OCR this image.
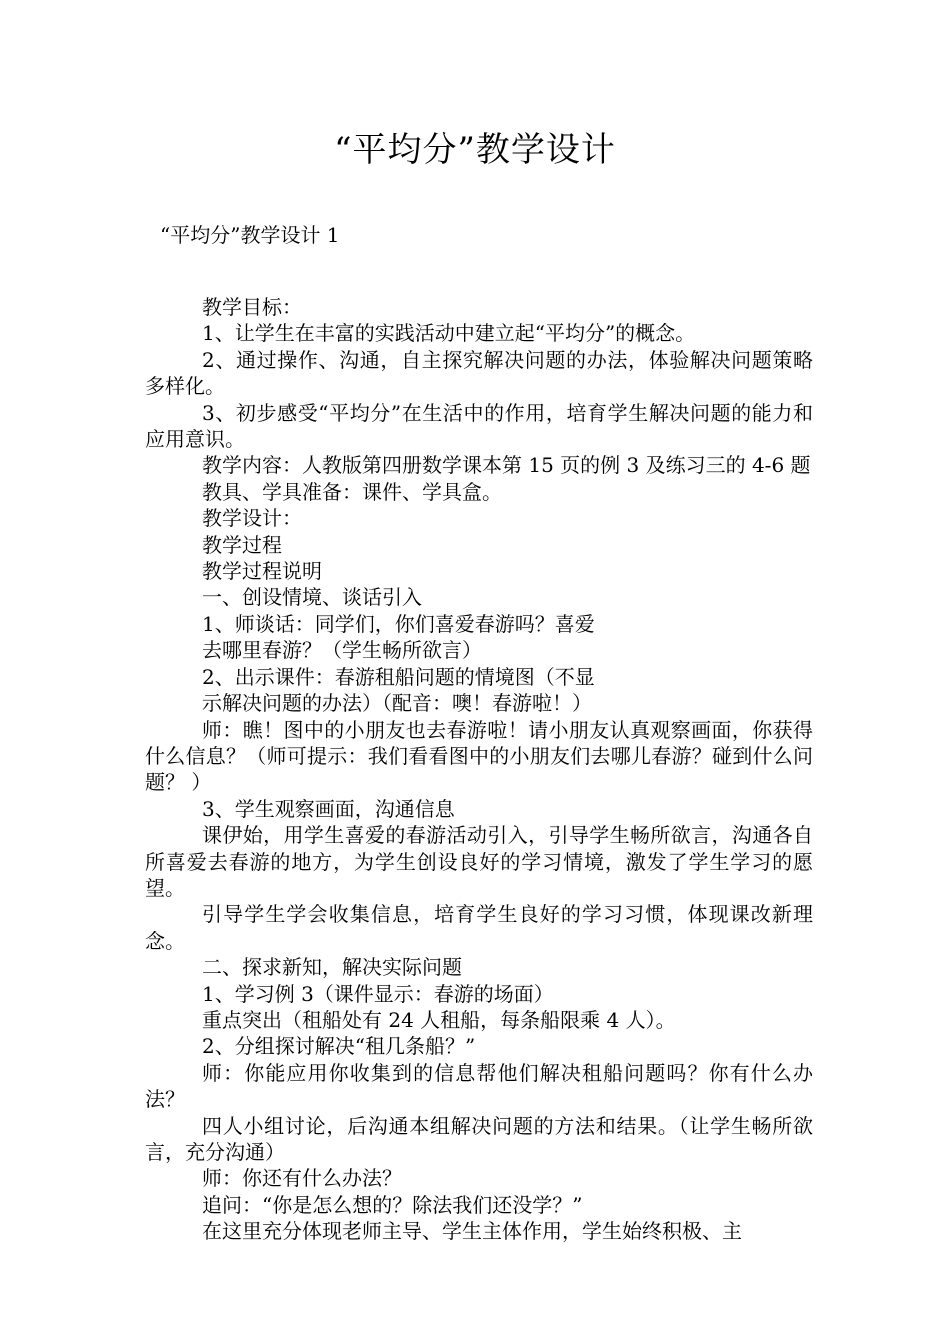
“平均分”教学设计
“平均分”教学设计 1

教学目标：

1、让学生在丰富的实践活动中建立起“平均分”的概念。

2、通过操作、沟通，自主探究解决问题的办法，体验解决问题策略多样化。

3、初步感受“平均分”在生活中的作用，培育学生解决问题的能力和应用意识。

教学内容：人教版第四册数学课本第 15 页的例 3 及练习三的 4-6 题

教具、学具准备：课件、学具盒。

教学设计：

教学过程

教学过程说明

一、创设情境、谈话引入

1、师谈话：同学们，你们喜爱春游吗？喜爱

去哪里春游？（学生畅所欲言）

2、出示课件：春游租船问题的情境图（不显

示解决问题的办法）（配音：噢！春游啦！）

师：瞧！图中的小朋友也去春游啦！请小朋友认真观察画面，你获得什么信息？（师可提示：我们看看图中的小朋友们去哪儿春游？碰到什么问题？ ）

3、学生观察画面，沟通信息

课伊始，用学生喜爱的春游活动引入，引导学生畅所欲言，沟通各自所喜爱去春游的地方，为学生创设良好的学习情境，激发了学生学习的愿望。

引导学生学会收集信息，培育学生良好的学习习惯，体现课改新理念。

二、探求新知，解决实际问题

1、学习例 3（课件显示：春游的场面）

重点突出（租船处有 24 人租船，每条船限乘 4 人）。

2、分组探讨解决“租几条船？”

师：你能应用你收集到的信息帮他们解决租船问题吗？你有什么办法？

四人小组讨论，后沟通本组解决问题的方法和结果。（让学生畅所欲言，充分沟通）

师：你还有什么办法？

追问：“你是怎么想的？除法我们还没学？”

在这里充分体现老师主导、学生主体作用，学生始终积极、主
